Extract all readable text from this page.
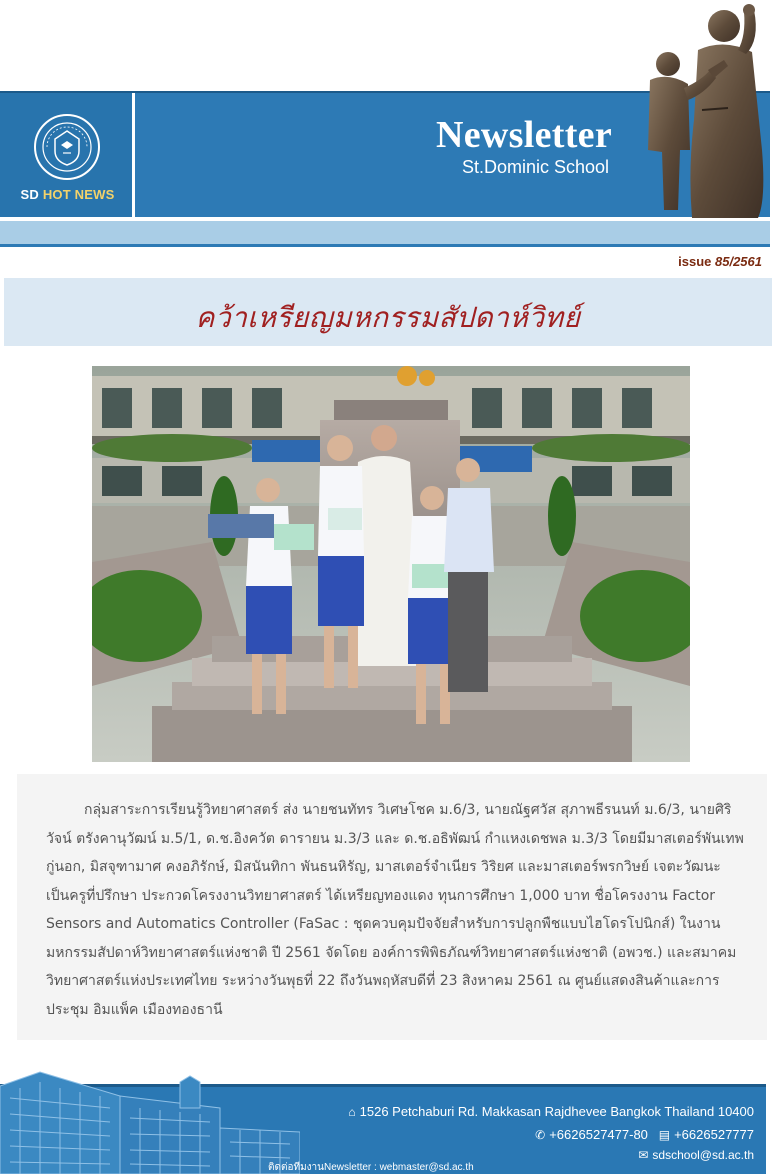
SD HOT NEWS
Newsletter
St.Dominic School
issue 85/2561
คว้าเหรียญมหกรรมสัปดาห์วิทย์

กลุ่มสาระการเรียนรู้วิทยาศาสตร์ ส่ง นายชนทัทร วิเศษโชค ม.6/3, นายณัฐศวัส สุภาพธีรนนท์ ม.6/3, นายศิริวัจน์ ตรังคานุวัฒน์ ม.5/1, ด.ช.อิงควัต ดารายน ม.3/3 และ ด.ช.อธิพัฒน์ กำแหงเดชพล ม.3/3 โดยมีมาสเตอร์พันเทพ กู่นอก, มิสจุฑามาศ คงอภิรักษ์, มิสนันทิกา พันธนหิรัญ, มาสเตอร์จำเนียร วิริยศ และมาสเตอร์พรกวิษย์ เจตะวัฒนะ เป็นครูที่ปรึกษา ประกวดโครงงานวิทยาศาสตร์ ได้เหรียญทองแดง ทุนการศึกษา 1,000 บาท ชื่อโครงงาน Factor Sensors and Automatics Controller (FaSac : ชุดควบคุมปัจจัยสำหรับการปลูกพืชแบบไฮโดรโปนิกส์) ในงานมหกรรมสัปดาห์วิทยาศาสตร์แห่งชาติ ปี 2561 จัดโดย องค์การพิพิธภัณฑ์วิทยาศาสตร์แห่งชาติ (อพวช.) และสมาคมวิทยาศาสตร์แห่งประเทศไทย ระหว่างวันพุธที่ 22 ถึงวันพฤหัสบดีที่ 23 สิงหาคม 2561 ณ ศูนย์แสดงสินค้าและการประชุม อิมแพ็ค เมืองทองธานี

⌂ 1526 Petchaburi Rd. Makkasan Rajdhevee Bangkok Thailand 10400
✆ +6626527477-80 ▤ +6626527777
✉ sdschool@sd.ac.th
ติดต่อทีมงานNewsletter : webmaster@sd.ac.th
